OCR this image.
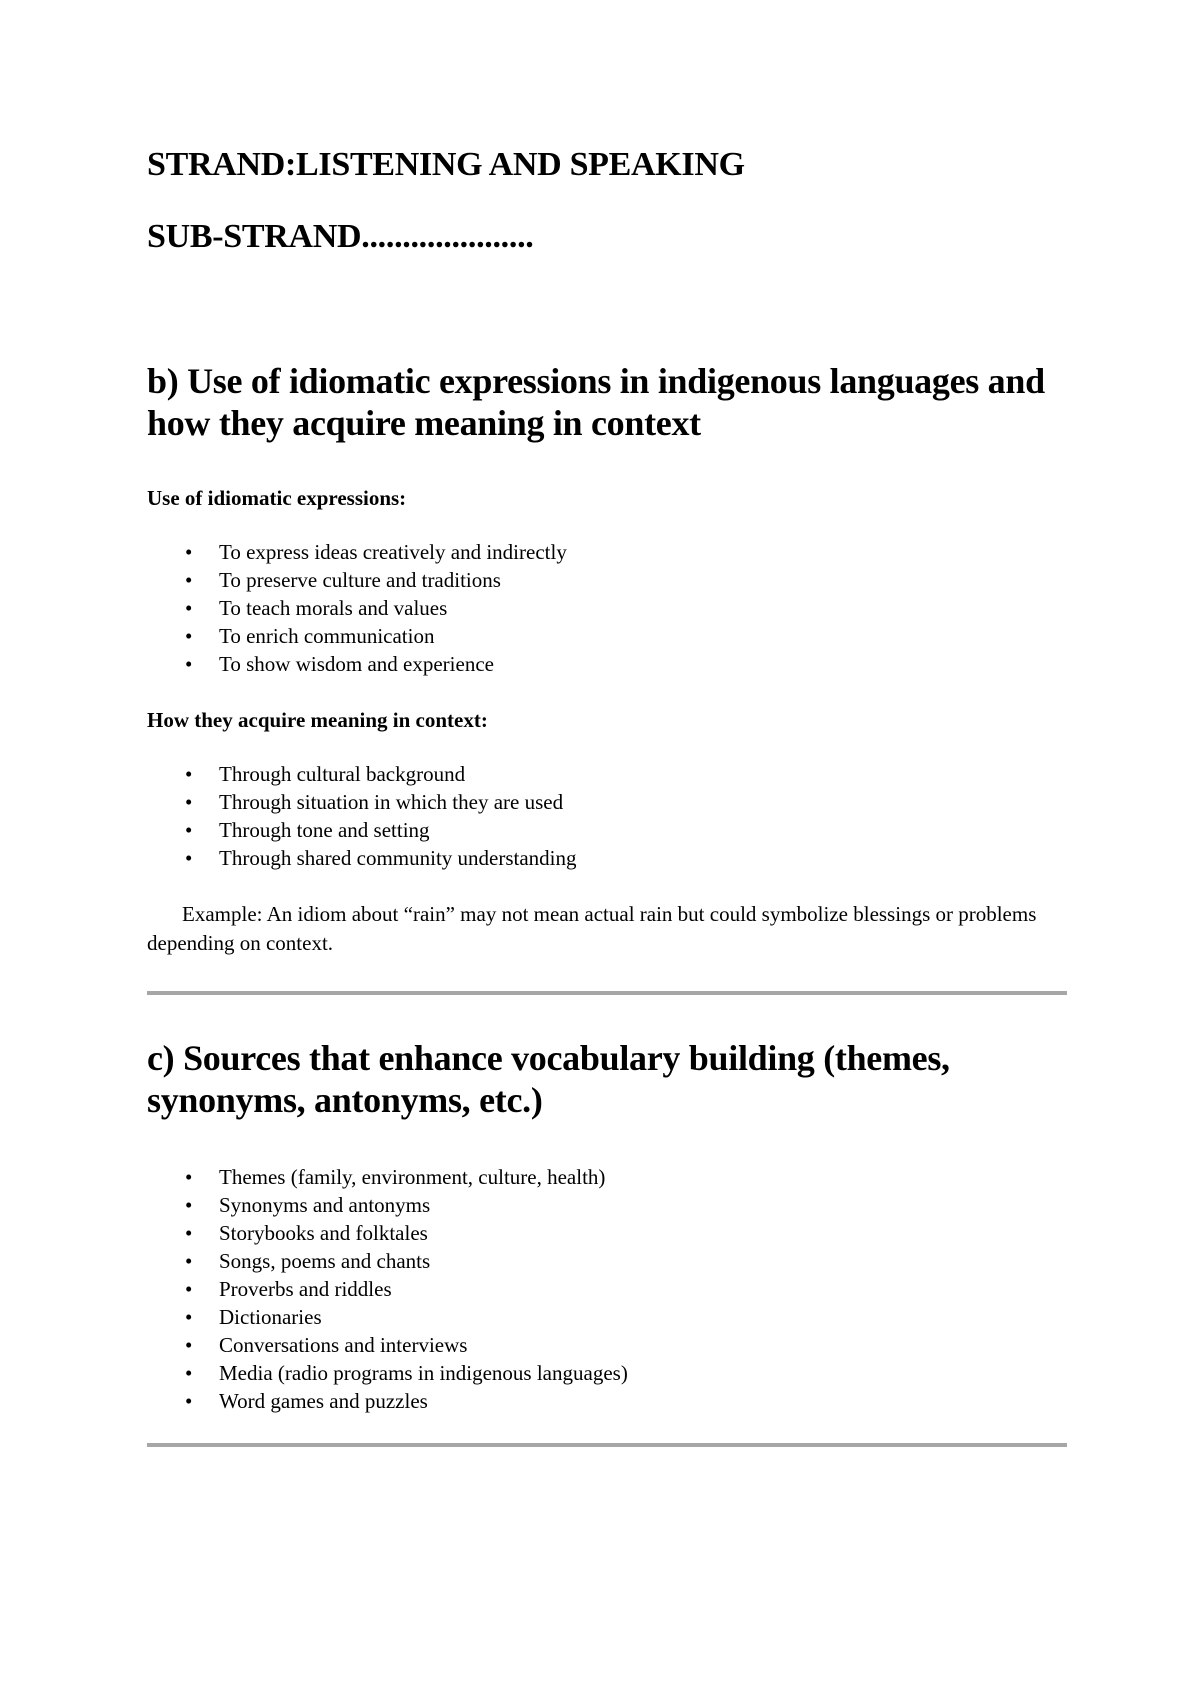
STRAND:LISTENING AND SPEAKING
SUB-STRAND.....................
b) Use of idiomatic expressions in indigenous languages and how they acquire meaning in context

Use of idiomatic expressions:

• To express ideas creatively and indirectly
• To preserve culture and traditions
• To teach morals and values
• To enrich communication
• To show wisdom and experience

How they acquire meaning in context:

• Through cultural background
• Through situation in which they are used
• Through tone and setting
• Through shared community understanding

Example: An idiom about “rain” may not mean actual rain but could symbolize blessings or problems depending on context.

c) Sources that enhance vocabulary building (themes, synonyms, antonyms, etc.)
• Themes (family, environment, culture, health)
• Synonyms and antonyms
• Storybooks and folktales
• Songs, poems and chants
• Proverbs and riddles
• Dictionaries
• Conversations and interviews
• Media (radio programs in indigenous languages)
• Word games and puzzles
